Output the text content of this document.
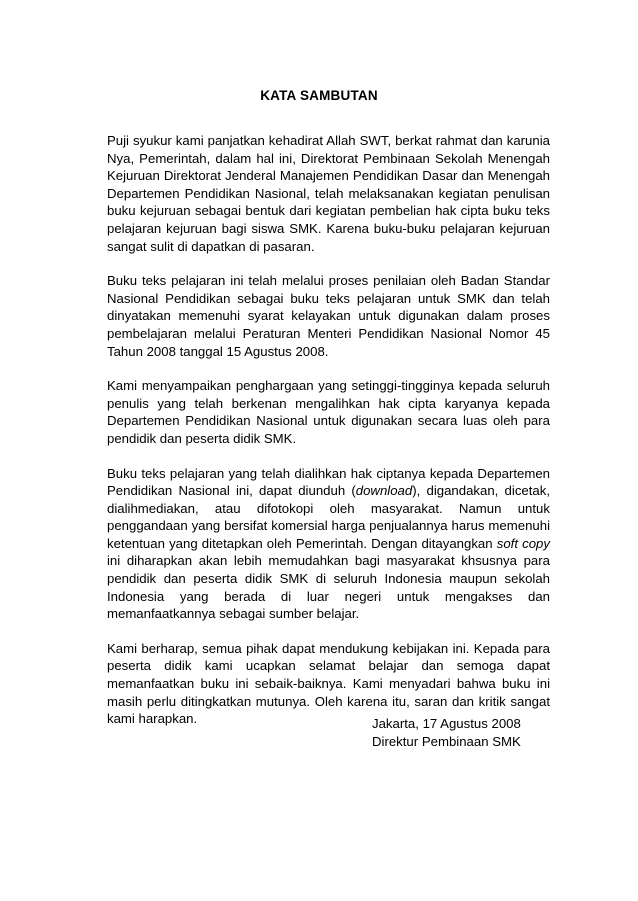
KATA SAMBUTAN

Puji syukur kami panjatkan kehadirat Allah SWT, berkat rahmat dan karunia Nya, Pemerintah, dalam hal ini, Direktorat Pembinaan Sekolah Menengah Kejuruan Direktorat Jenderal Manajemen Pendidikan Dasar dan Menengah Departemen Pendidikan Nasional, telah melaksanakan kegiatan penulisan buku kejuruan sebagai bentuk dari kegiatan pembelian hak cipta buku teks pelajaran kejuruan bagi siswa SMK. Karena buku-buku pelajaran kejuruan sangat sulit di dapatkan di pasaran.

Buku teks pelajaran ini telah melalui proses penilaian oleh Badan Standar Nasional Pendidikan sebagai buku teks pelajaran untuk SMK dan telah dinyatakan memenuhi syarat kelayakan untuk digunakan dalam proses pembelajaran melalui Peraturan Menteri Pendidikan Nasional Nomor 45 Tahun 2008 tanggal 15 Agustus 2008.

Kami menyampaikan penghargaan yang setinggi-tingginya kepada seluruh penulis yang telah berkenan mengalihkan hak cipta karyanya kepada Departemen Pendidikan Nasional untuk digunakan secara luas oleh para pendidik dan peserta didik SMK.

Buku teks pelajaran yang telah dialihkan hak ciptanya kepada Departemen Pendidikan Nasional ini, dapat diunduh (download), digandakan, dicetak, dialihmediakan, atau difotokopi oleh masyarakat. Namun untuk penggandaan yang bersifat komersial harga penjualannya harus memenuhi ketentuan yang ditetapkan oleh Pemerintah. Dengan ditayangkan soft copy ini diharapkan akan lebih memudahkan bagi masyarakat khsusnya para pendidik dan peserta didik SMK di seluruh Indonesia maupun sekolah Indonesia yang berada di luar negeri untuk mengakses dan memanfaatkannya sebagai sumber belajar.

Kami berharap, semua pihak dapat mendukung kebijakan ini. Kepada para peserta didik kami ucapkan selamat belajar dan semoga dapat memanfaatkan buku ini sebaik-baiknya. Kami menyadari bahwa buku ini masih perlu ditingkatkan mutunya. Oleh karena itu, saran dan kritik sangat kami harapkan.	Jakarta, 17 Agustus 2008
Direktur Pembinaan SMK
